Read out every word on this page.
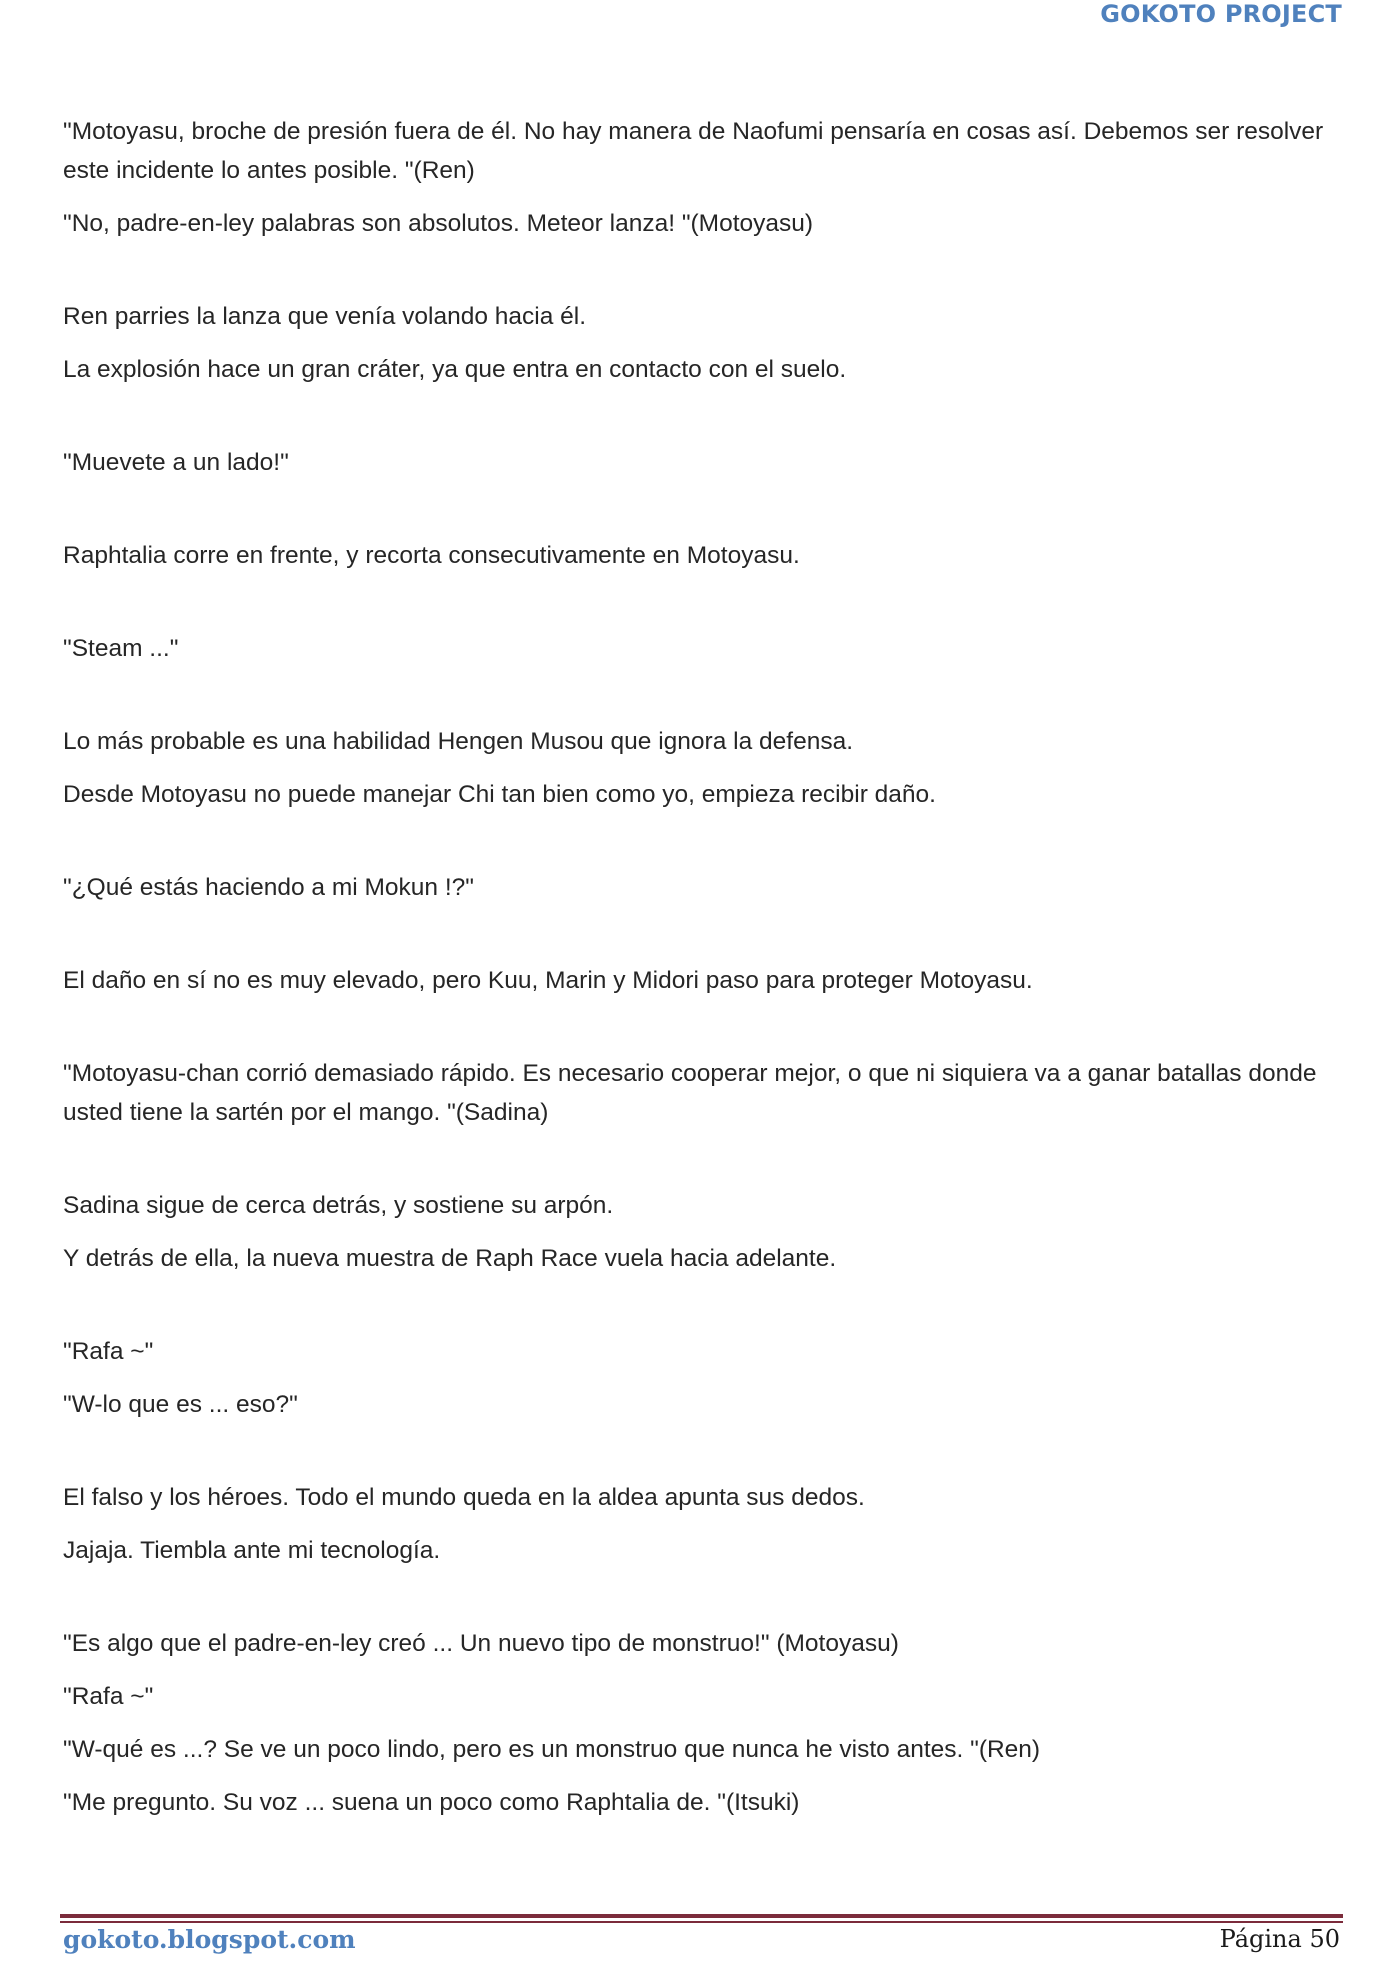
GOKOTO PROJECT

"Motoyasu, broche de presión fuera de él. No hay manera de Naofumi pensaría en cosas así. Debemos ser resolver este incidente lo antes posible. "(Ren)

"No, padre-en-ley palabras son absolutos. Meteor lanza! "(Motoyasu)

Ren parries la lanza que venía volando hacia él.

La explosión hace un gran cráter, ya que entra en contacto con el suelo.

"Muevete a un lado!"

Raphtalia corre en frente, y recorta consecutivamente en Motoyasu.

"Steam ..."

Lo más probable es una habilidad Hengen Musou que ignora la defensa.

Desde Motoyasu no puede manejar Chi tan bien como yo, empieza recibir daño.

"¿Qué estás haciendo a mi Mokun !?"

El daño en sí no es muy elevado, pero Kuu, Marin y Midori paso para proteger Motoyasu.

"Motoyasu-chan corrió demasiado rápido. Es necesario cooperar mejor, o que ni siquiera va a ganar batallas donde usted tiene la sartén por el mango. "(Sadina)

Sadina sigue de cerca detrás, y sostiene su arpón.

Y detrás de ella, la nueva muestra de Raph Race vuela hacia adelante.

"Rafa ~"

"W-lo que es ... eso?"

El falso y los héroes. Todo el mundo queda en la aldea apunta sus dedos.

Jajaja. Tiembla ante mi tecnología.

"Es algo que el padre-en-ley creó ... Un nuevo tipo de monstruo!" (Motoyasu)

"Rafa ~"

"W-qué es ...? Se ve un poco lindo, pero es un monstruo que nunca he visto antes. "(Ren)

"Me pregunto. Su voz ... suena un poco como Raphtalia de. "(Itsuki)

gokoto.blogspot.com	Página 50
